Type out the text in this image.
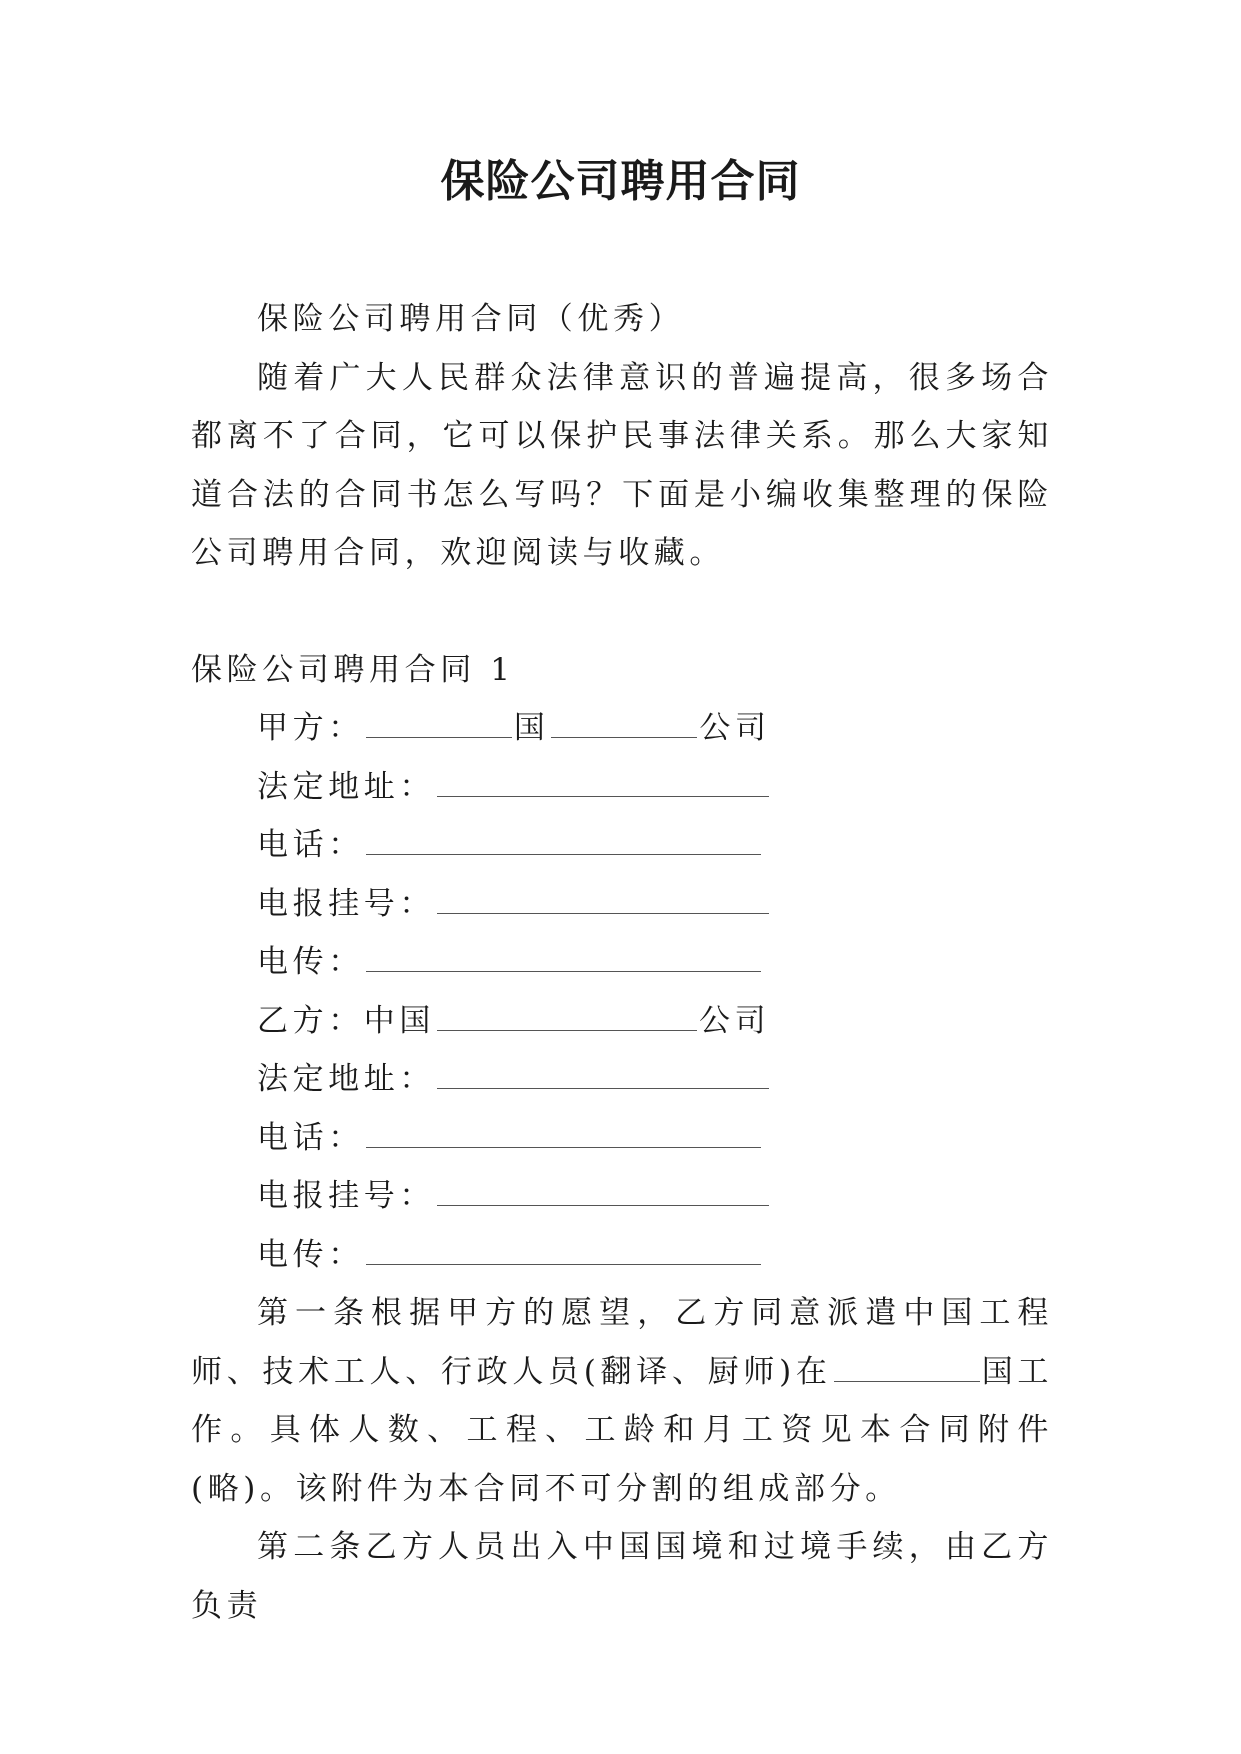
保险公司聘用合同

保险公司聘用合同（优秀）

随着广大人民群众法律意识的普遍提高，很多场合都离不了合同，它可以保护民事法律关系。那么大家知道合法的合同书怎么写吗？下面是小编收集整理的保险公司聘用合同，欢迎阅读与收藏。

保险公司聘用合同 1

甲方：	国	公司

法定地址：

电话：

电报挂号：

电传：

乙方：中国	公司

法定地址：

电话：

电报挂号：

电传：

第一条根据甲方的愿望，乙方同意派遣中国工程师、技术工人、行政人员(翻译、厨师)在	国工作。具体人数、工程、工龄和月工资见本合同附件(略)。该附件为本合同不可分割的组成部分。

第二条乙方人员出入中国国境和过境手续，由乙方负责
